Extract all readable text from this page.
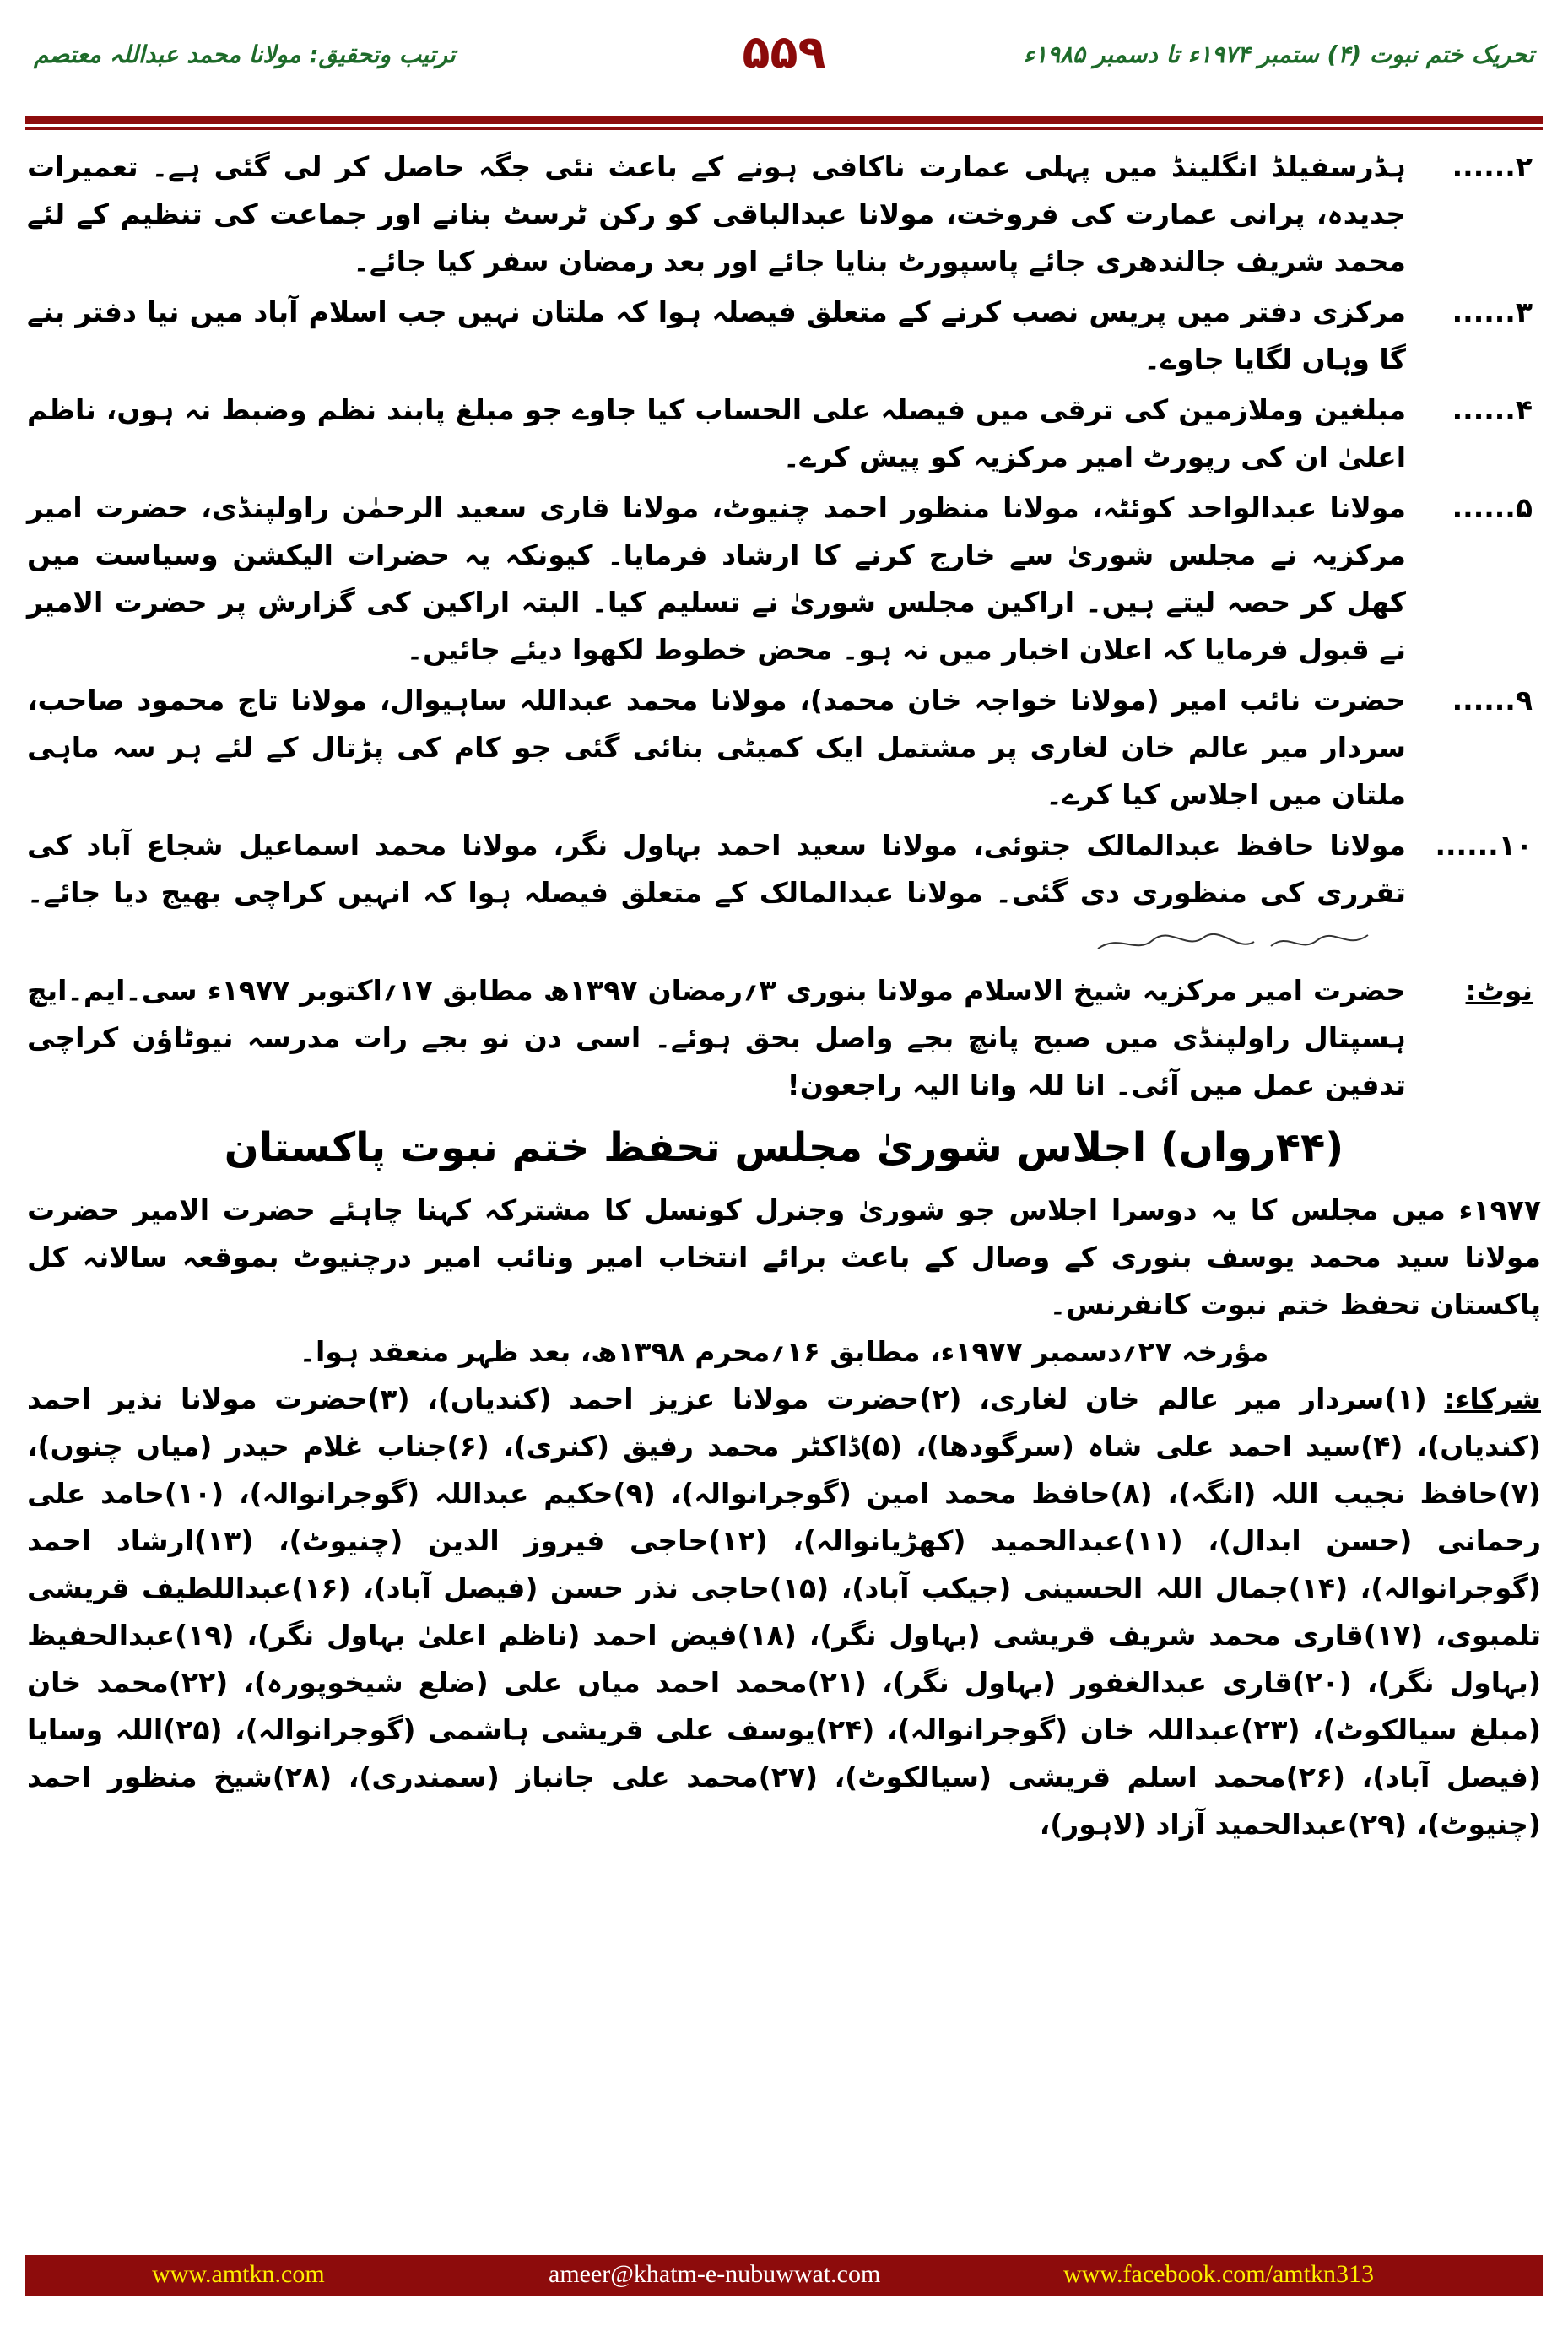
تحریک ختم نبوت (۴) ستمبر ۱۹۷۴ء تا دسمبر ۱۹۸۵ء
۵۵۹
ترتیب وتحقیق: مولانا محمد عبداللہ معتصم
۲......
ہڈرسفیلڈ انگلینڈ میں پہلی عمارت ناکافی ہونے کے باعث نئی جگہ حاصل کر لی گئی ہے۔ تعمیرات جدیدہ، پرانی عمارت کی فروخت، مولانا عبدالباقی کو رکن ٹرسٹ بنانے اور جماعت کی تنظیم کے لئے محمد شریف جالندھری جائے پاسپورٹ بنایا جائے اور بعد رمضان سفر کیا جائے۔
۳......
مرکزی دفتر میں پریس نصب کرنے کے متعلق فیصلہ ہوا کہ ملتان نہیں جب اسلام آباد میں نیا دفتر بنے گا وہاں لگایا جاوے۔
۴......
مبلغین وملازمین کی ترقی میں فیصلہ علی الحساب کیا جاوے جو مبلغ پابند نظم وضبط نہ ہوں، ناظم اعلیٰ ان کی رپورٹ امیر مرکزیہ کو پیش کرے۔
۵......
مولانا عبدالواحد کوئٹہ، مولانا منظور احمد چنیوٹ، مولانا قاری سعید الرحمٰن راولپنڈی، حضرت امیر مرکزیہ نے مجلس شوریٰ سے خارج کرنے کا ارشاد فرمایا۔ کیونکہ یہ حضرات الیکشن وسیاست میں کھل کر حصہ لیتے ہیں۔ اراکین مجلس شوریٰ نے تسلیم کیا۔ البتہ اراکین کی گزارش پر حضرت الامیر نے قبول فرمایا کہ اعلان اخبار میں نہ ہو۔ محض خطوط لکھوا دیئے جائیں۔
۹......
حضرت نائب امیر (مولانا خواجہ خان محمد)، مولانا محمد عبداللہ ساہیوال، مولانا تاج محمود صاحب، سردار میر عالم خان لغاری پر مشتمل ایک کمیٹی بنائی گئی جو کام کی پڑتال کے لئے ہر سہ ماہی ملتان میں اجلاس کیا کرے۔
۱۰......
مولانا حافظ عبدالمالک جتوئی، مولانا سعید احمد بہاول نگر، مولانا محمد اسماعیل شجاع آباد کی تقرری کی منظوری دی گئی۔ مولانا عبدالمالک کے متعلق فیصلہ ہوا کہ انہیں کراچی بھیج دیا جائے۔
نوٹ:
حضرت امیر مرکزیہ شیخ الاسلام مولانا بنوری ۳؍رمضان ۱۳۹۷ھ مطابق ۱۷؍اکتوبر ۱۹۷۷ء سی۔ایم۔ایچ ہسپتال راولپنڈی میں صبح پانچ بجے واصل بحق ہوئے۔ اسی دن نو بجے رات مدرسہ نیوٹاؤن کراچی تدفین عمل میں آئی۔ انا للہ وانا الیہ راجعون!
(۴۴رواں) اجلاس شوریٰ مجلس تحفظ ختم نبوت پاکستان
۱۹۷۷ء میں مجلس کا یہ دوسرا اجلاس جو شوریٰ وجنرل کونسل کا مشترکہ کہنا چاہئے حضرت الامیر حضرت مولانا سید محمد یوسف بنوری کے وصال کے باعث برائے انتخاب امیر ونائب امیر درچنیوٹ بموقعہ سالانہ کل پاکستان تحفظ ختم نبوت کانفرنس۔
مؤرخہ ۲۷؍دسمبر ۱۹۷۷ء، مطابق ۱۶؍محرم ۱۳۹۸ھ، بعد ظہر منعقد ہوا۔
شرکاء: (۱)سردار میر عالم خان لغاری، (۲)حضرت مولانا عزیز احمد (کندیاں)، (۳)حضرت مولانا نذیر احمد (کندیاں)، (۴)سید احمد علی شاہ (سرگودھا)، (۵)ڈاکٹر محمد رفیق (کنری)، (۶)جناب غلام حیدر (میاں چنوں)، (۷)حافظ نجیب اللہ (انگہ)، (۸)حافظ محمد امین (گوجرانوالہ)، (۹)حکیم عبداللہ (گوجرانوالہ)، (۱۰)حامد علی رحمانی (حسن ابدال)، (۱۱)عبدالحمید (کھڑیانوالہ)، (۱۲)حاجی فیروز الدین (چنیوٹ)، (۱۳)ارشاد احمد (گوجرانوالہ)، (۱۴)جمال اللہ الحسینی (جیکب آباد)، (۱۵)حاجی نذر حسن (فیصل آباد)، (۱۶)عبداللطیف قریشی تلمبوی، (۱۷)قاری محمد شریف قریشی (بہاول نگر)، (۱۸)فیض احمد (ناظم اعلیٰ بہاول نگر)، (۱۹)عبدالحفیظ (بہاول نگر)، (۲۰)قاری عبدالغفور (بہاول نگر)، (۲۱)محمد احمد میاں علی (ضلع شیخوپورہ)، (۲۲)محمد خان (مبلغ سیالکوٹ)، (۲۳)عبداللہ خان (گوجرانوالہ)، (۲۴)یوسف علی قریشی ہاشمی (گوجرانوالہ)، (۲۵)اللہ وسایا (فیصل آباد)، (۲۶)محمد اسلم قریشی (سیالکوٹ)، (۲۷)محمد علی جانباز (سمندری)، (۲۸)شیخ منظور احمد (چنیوٹ)، (۲۹)عبدالحمید آزاد (لاہور)،
www.amtkn.com	ameer@khatm-e-nubuwwat.com	www.facebook.com/amtkn313
